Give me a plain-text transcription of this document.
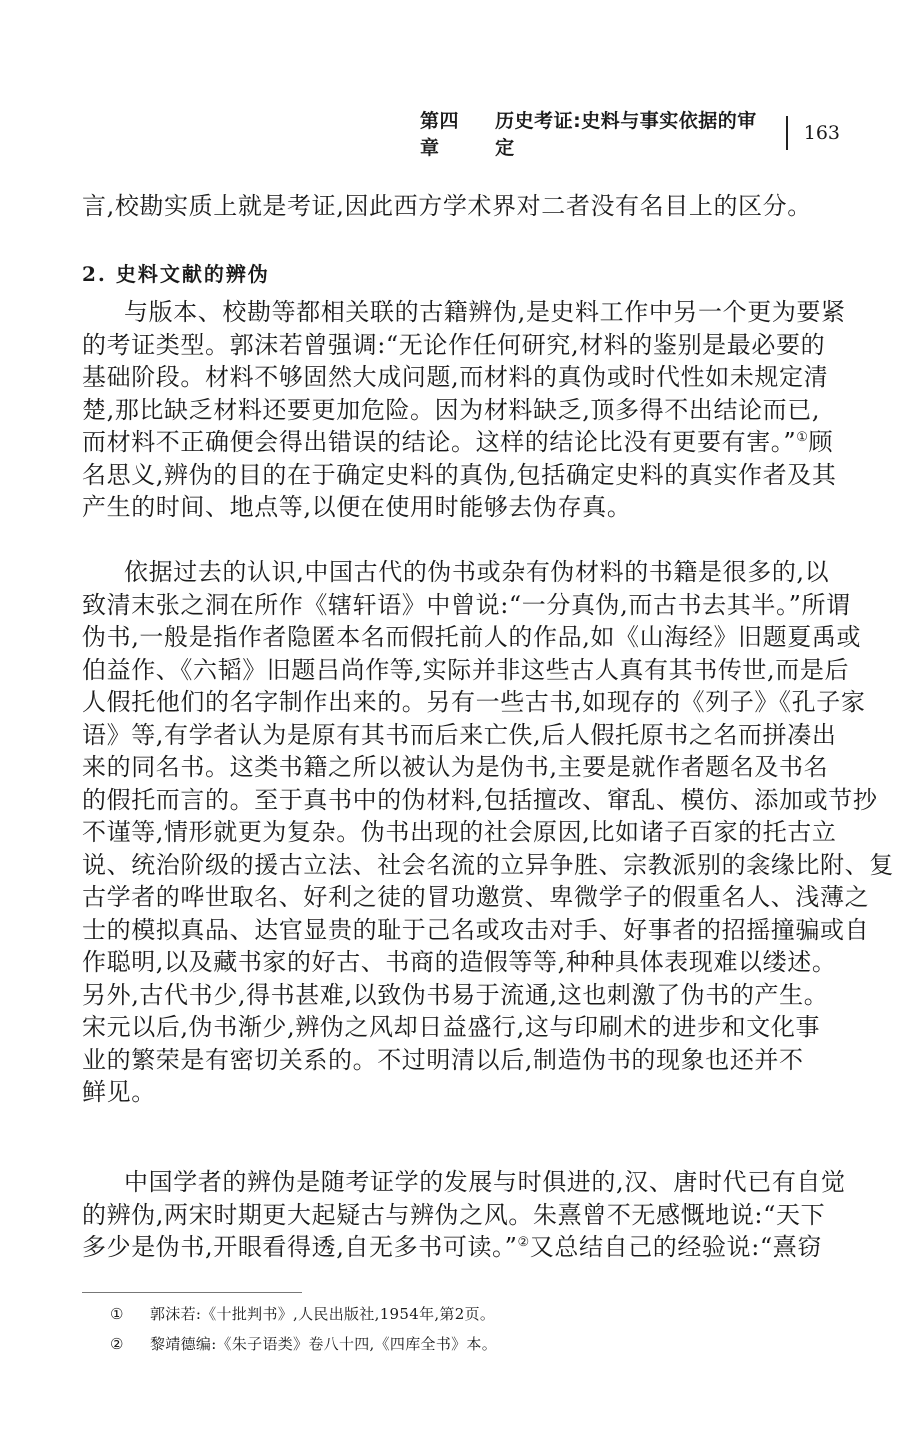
第四章
历史考证:史料与事实依据的审定
163
言,校勘实质上就是考证,因此西方学术界对二者没有名目上的区分。
2. 史料文献的辨伪
与版本、校勘等都相关联的古籍辨伪,是史料工作中另一个更为要紧
的考证类型。郭沫若曾强调:“无论作任何研究,材料的鉴别是最必要的
基础阶段。材料不够固然大成问题,而材料的真伪或时代性如未规定清
楚,那比缺乏材料还要更加危险。因为材料缺乏,顶多得不出结论而已,
而材料不正确便会得出错误的结论。这样的结论比没有更要有害。”①顾
名思义,辨伪的目的在于确定史料的真伪,包括确定史料的真实作者及其
产生的时间、地点等,以便在使用时能够去伪存真。
依据过去的认识,中国古代的伪书或杂有伪材料的书籍是很多的,以
致清末张之洞在所作《辖轩语》中曾说:“一分真伪,而古书去其半。”所谓
伪书,一般是指作者隐匿本名而假托前人的作品,如《山海经》旧题夏禹或
伯益作、《六韬》旧题吕尚作等,实际并非这些古人真有其书传世,而是后
人假托他们的名字制作出来的。另有一些古书,如现存的《列子》《孔子家
语》等,有学者认为是原有其书而后来亡佚,后人假托原书之名而拼凑出
来的同名书。这类书籍之所以被认为是伪书,主要是就作者题名及书名
的假托而言的。至于真书中的伪材料,包括擅改、窜乱、模仿、添加或节抄
不谨等,情形就更为复杂。伪书出现的社会原因,比如诸子百家的托古立
说、统治阶级的援古立法、社会名流的立异争胜、宗教派别的衾缘比附、复
古学者的哗世取名、好利之徒的冒功邀赏、卑微学子的假重名人、浅薄之
士的模拟真品、达官显贵的耻于己名或攻击对手、好事者的招摇撞骗或自
作聪明,以及藏书家的好古、书商的造假等等,种种具体表现难以缕述。
另外,古代书少,得书甚难,以致伪书易于流通,这也刺激了伪书的产生。
宋元以后,伪书渐少,辨伪之风却日益盛行,这与印刷术的进步和文化事
业的繁荣是有密切关系的。不过明清以后,制造伪书的现象也还并不
鲜见。
中国学者的辨伪是随考证学的发展与时俱进的,汉、唐时代已有自觉
的辨伪,两宋时期更大起疑古与辨伪之风。朱熹曾不无感慨地说:“天下
多少是伪书,开眼看得透,自无多书可读。”②又总结自己的经验说:“熹窃
① 郭沫若:《十批判书》,人民出版社,1954年,第2页。
② 黎靖德编:《朱子语类》卷八十四,《四库全书》本。
